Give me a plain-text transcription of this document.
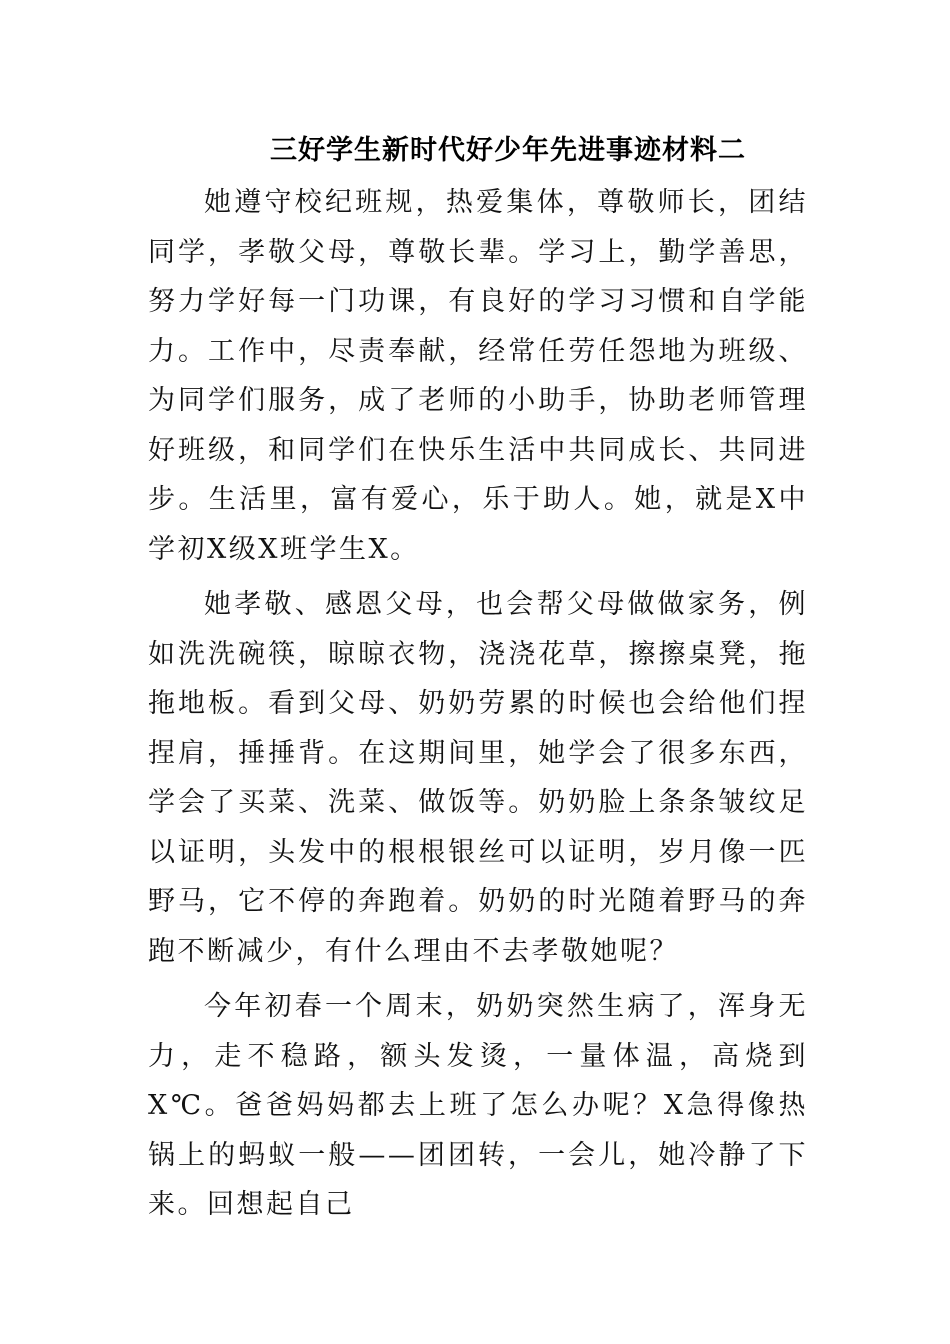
三好学生新时代好少年先进事迹材料二

她遵守校纪班规，热爱集体，尊敬师长，团结同学，孝敬父母，尊敬长辈。学习上，勤学善思，努力学好每一门功课，有良好的学习习惯和自学能力。工作中，尽责奉献，经常任劳任怨地为班级、为同学们服务，成了老师的小助手，协助老师管理好班级，和同学们在快乐生活中共同成长、共同进步。生活里，富有爱心，乐于助人。她，就是X中学初X级X班学生X。

她孝敬、感恩父母，也会帮父母做做家务，例如洗洗碗筷，晾晾衣物，浇浇花草，擦擦桌凳，拖拖地板。看到父母、奶奶劳累的时候也会给他们捏捏肩，捶捶背。在这期间里，她学会了很多东西，学会了买菜、洗菜、做饭等。奶奶脸上条条皱纹足以证明，头发中的根根银丝可以证明，岁月像一匹野马，它不停的奔跑着。奶奶的时光随着野马的奔跑不断减少，有什么理由不去孝敬她呢？

今年初春一个周末，奶奶突然生病了，浑身无力，走不稳路，额头发烫，一量体温，高烧到X℃。爸爸妈妈都去上班了怎么办呢？X急得像热锅上的蚂蚁一般——团团转，一会儿，她冷静了下来。回想起自己
